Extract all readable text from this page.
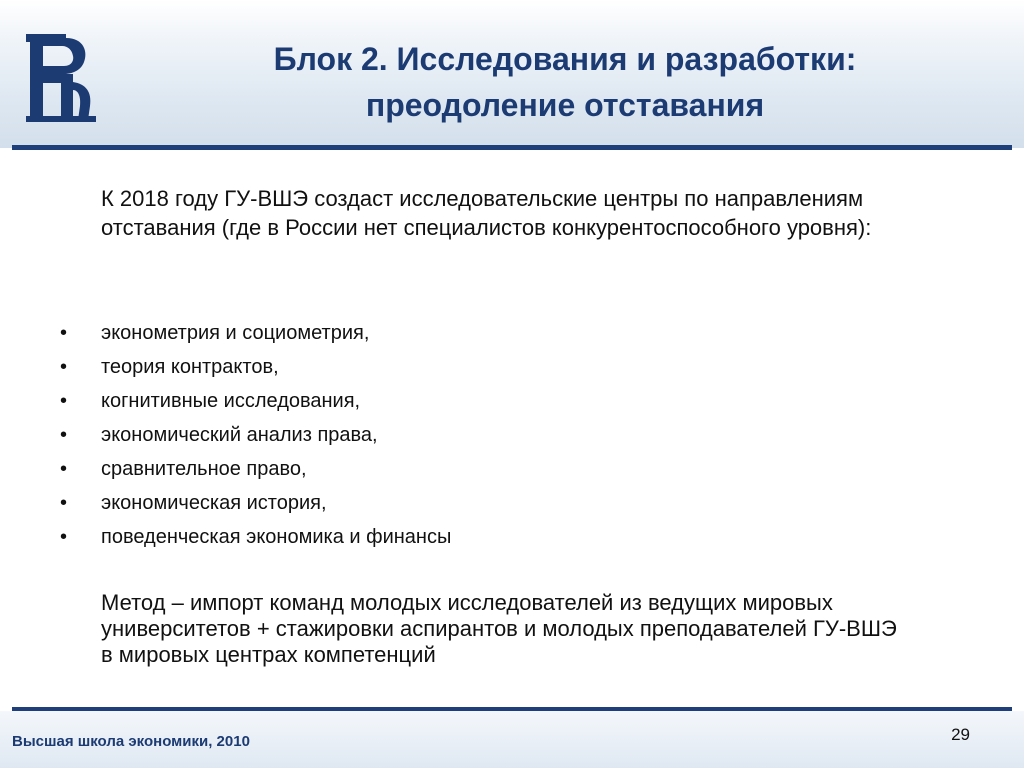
Блок 2. Исследования и разработки:
преодоление отставания
К 2018 году ГУ-ВШЭ создаст исследовательские центры по направлениям отставания (где в России нет специалистов конкурентоспособного уровня):
•	эконометрия и социометрия,
•	теория контрактов,
•	когнитивные исследования,
•	экономический анализ права,
•	сравнительное право,
•	экономическая история,
•	поведенческая экономика и финансы
Метод – импорт команд молодых исследователей из ведущих мировых университетов + стажировки аспирантов и молодых преподавателей ГУ-ВШЭ в мировых центрах компетенций
Высшая школа экономики, 2010	29
